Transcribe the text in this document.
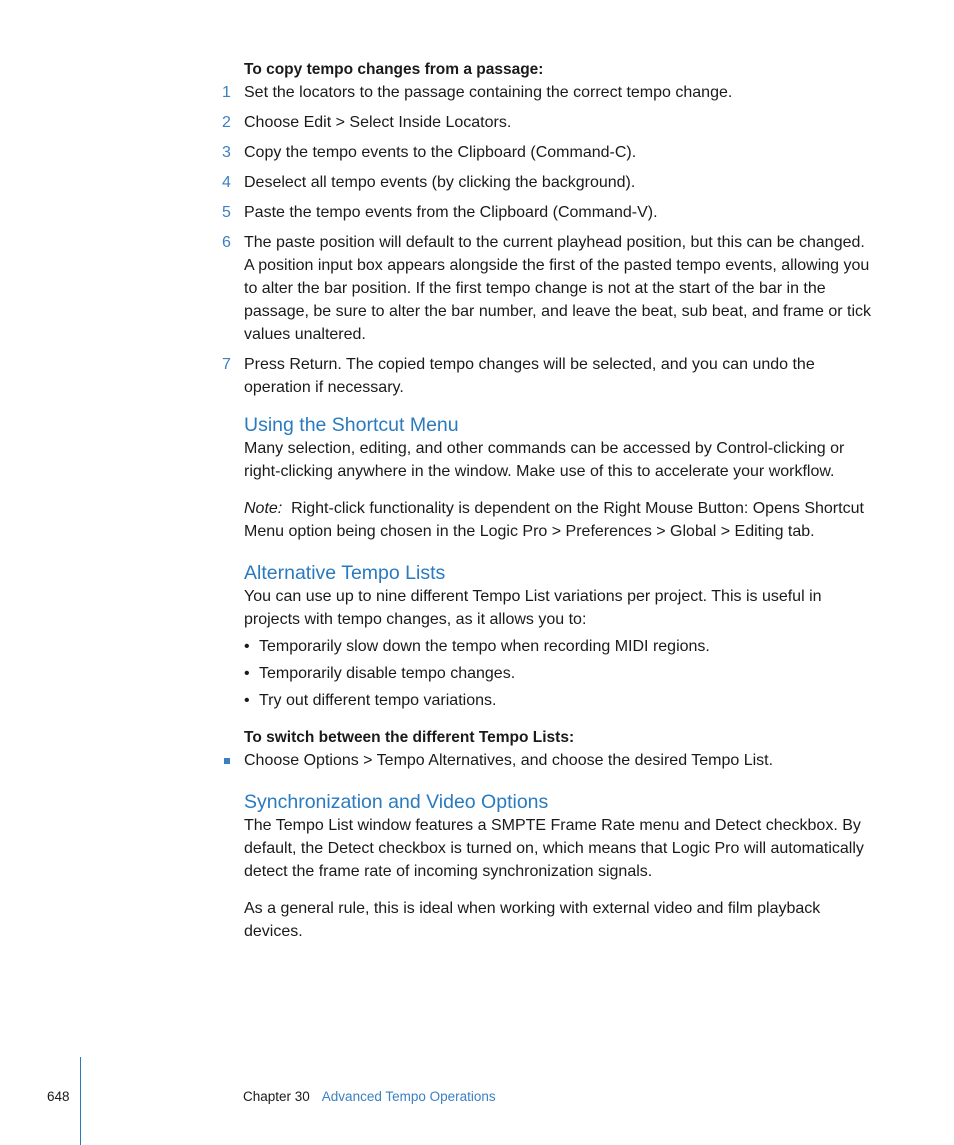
To copy tempo changes from a passage:
1 Set the locators to the passage containing the correct tempo change.
2 Choose Edit > Select Inside Locators.
3 Copy the tempo events to the Clipboard (Command-C).
4 Deselect all tempo events (by clicking the background).
5 Paste the tempo events from the Clipboard (Command-V).
6 The paste position will default to the current playhead position, but this can be changed. A position input box appears alongside the first of the pasted tempo events, allowing you to alter the bar position. If the first tempo change is not at the start of the bar in the passage, be sure to alter the bar number, and leave the beat, sub beat, and frame or tick values unaltered.
7 Press Return. The copied tempo changes will be selected, and you can undo the operation if necessary.
Using the Shortcut Menu

Many selection, editing, and other commands can be accessed by Control-clicking or right-clicking anywhere in the window. Make use of this to accelerate your workflow.

Note: Right-click functionality is dependent on the Right Mouse Button: Opens Shortcut Menu option being chosen in the Logic Pro > Preferences > Global > Editing tab.

Alternative Tempo Lists

You can use up to nine different Tempo List variations per project. This is useful in projects with tempo changes, as it allows you to:

• Temporarily slow down the tempo when recording MIDI regions.
• Temporarily disable tempo changes.
• Try out different tempo variations.
To switch between the different Tempo Lists:
Choose Options > Tempo Alternatives, and choose the desired Tempo List.
Synchronization and Video Options

The Tempo List window features a SMPTE Frame Rate menu and Detect checkbox. By default, the Detect checkbox is turned on, which means that Logic Pro will automatically detect the frame rate of incoming synchronization signals.

As a general rule, this is ideal when working with external video and film playback devices.

648	Chapter 30 Advanced Tempo Operations
